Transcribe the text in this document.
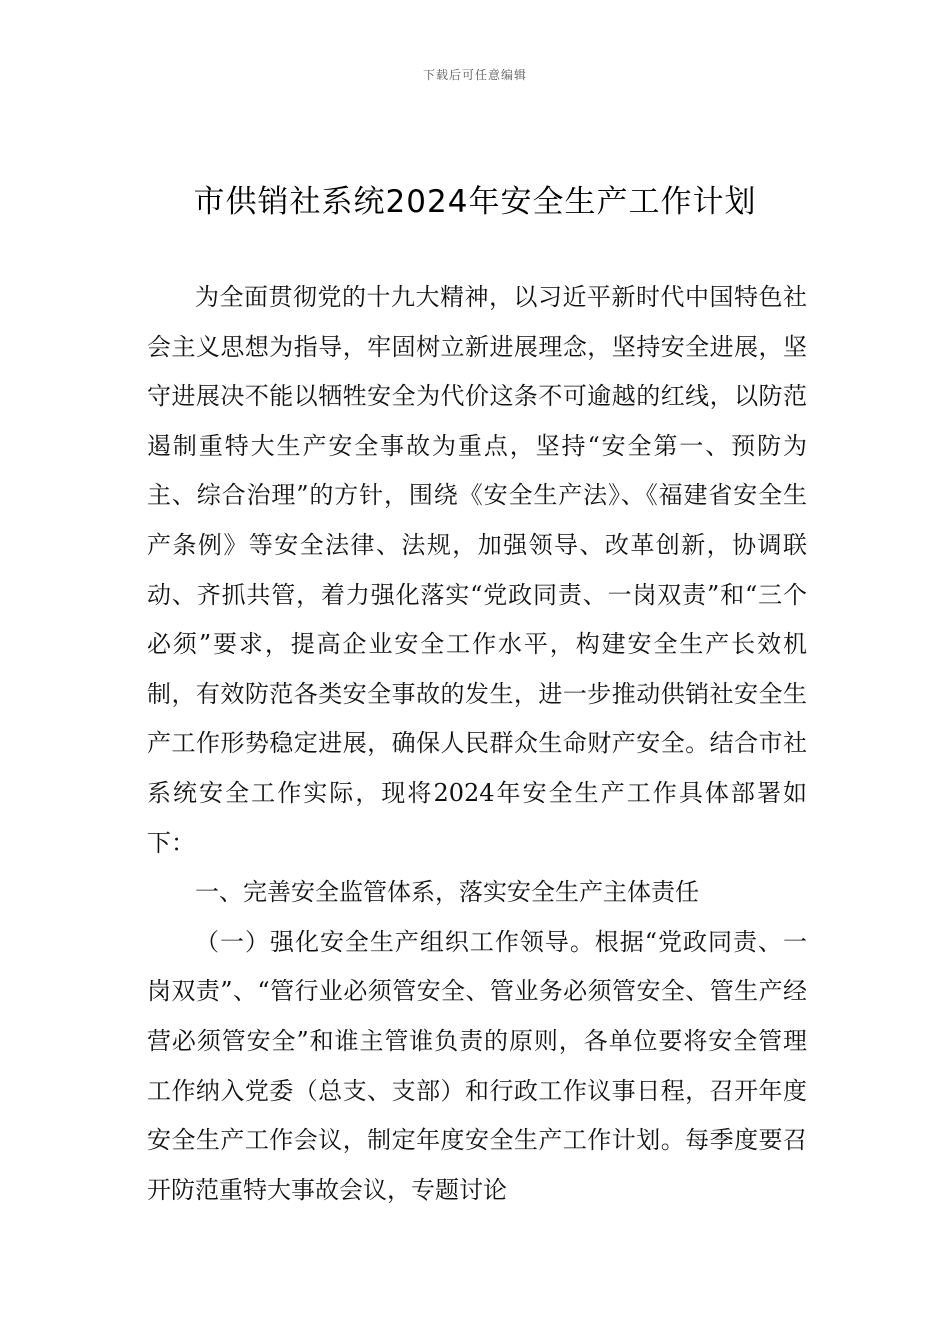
下载后可任意编辑
市供销社系统2024年安全生产工作计划

为全面贯彻党的十九大精神，以习近平新时代中国特色社会主义思想为指导，牢固树立新进展理念，坚持安全进展，坚守进展决不能以牺牲安全为代价这条不可逾越的红线，以防范遏制重特大生产安全事故为重点，坚持“安全第一、预防为主、综合治理”的方针，围绕《安全生产法》、《福建省安全生产条例》等安全法律、法规，加强领导、改革创新，协调联动、齐抓共管，着力强化落实“党政同责、一岗双责”和“三个必须”要求，提高企业安全工作水平，构建安全生产长效机制，有效防范各类安全事故的发生，进一步推动供销社安全生产工作形势稳定进展，确保人民群众生命财产安全。结合市社系统安全工作实际，现将2024年安全生产工作具体部署如下：

一、完善安全监管体系，落实安全生产主体责任

（一）强化安全生产组织工作领导。根据“党政同责、一岗双责”、“管行业必须管安全、管业务必须管安全、管生产经营必须管安全”和谁主管谁负责的原则，各单位要将安全管理工作纳入党委（总支、支部）和行政工作议事日程，召开年度安全生产工作会议，制定年度安全生产工作计划。每季度要召开防范重特大事故会议，专题讨论
